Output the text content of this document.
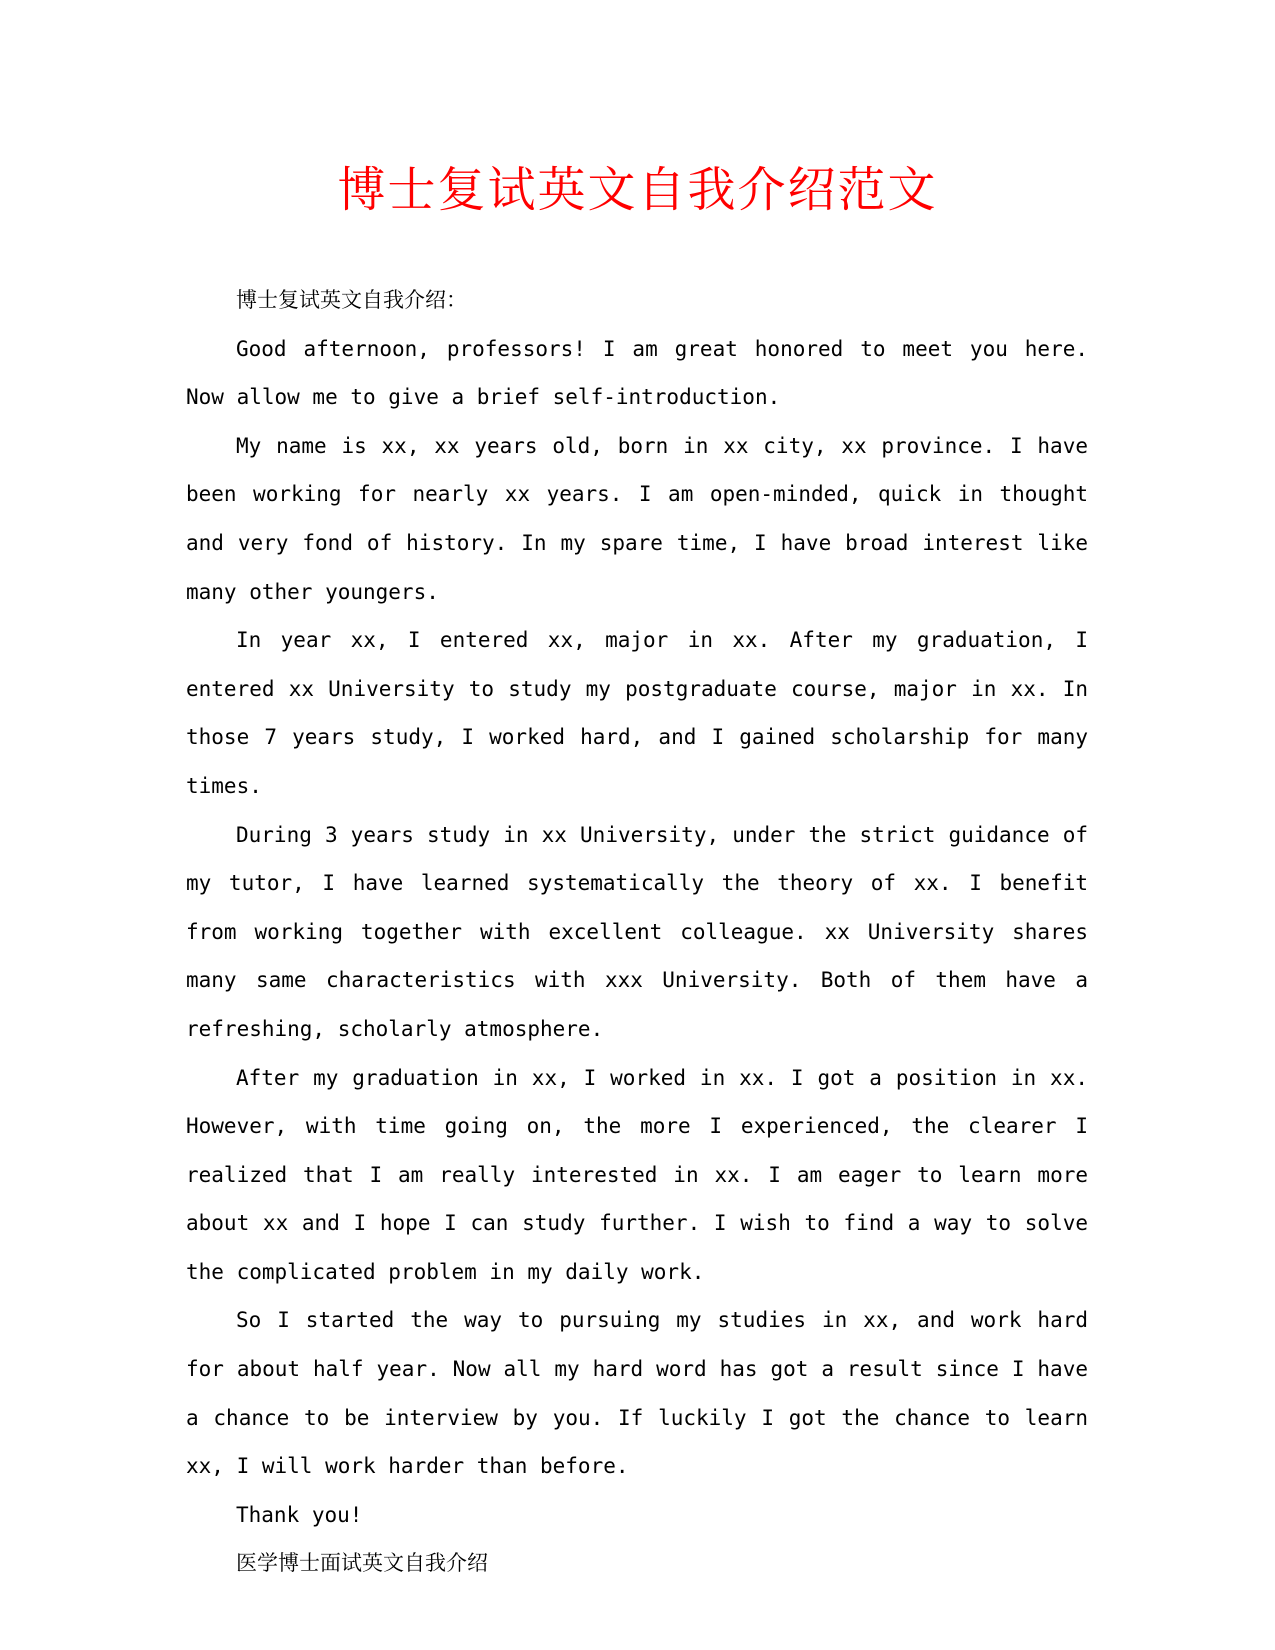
博士复试英文自我介绍范文

博士复试英文自我介绍：

Good afternoon, professors! I am great honored to meet you here. Now allow me to give a brief self-introduction.

My name is xx, xx years old, born in xx city, xx province. I have been working for nearly xx years. I am open-minded, quick in thought and very fond of history. In my spare time, I have broad interest like many other youngers.

In year xx, I entered xx, major in xx. After my graduation, I entered xx University to study my postgraduate course, major in xx. In those 7 years study, I worked hard, and I gained scholarship for many times.

During 3 years study in xx University, under the strict guidance of my tutor, I have learned systematically the theory of xx. I benefit from working together with excellent colleague. xx University shares many same characteristics with xxx University. Both of them have a refreshing, scholarly atmosphere.

After my graduation in xx, I worked in xx. I got a position in xx. However, with time going on, the more I experienced, the clearer I realized that I am really interested in xx. I am eager to learn more about xx and I hope I can study further. I wish to find a way to solve the complicated problem in my daily work.

So I started the way to pursuing my studies in xx, and work hard for about half year. Now all my hard word has got a result since I have a chance to be interview by you. If luckily I got the chance to learn xx, I will work harder than before.

Thank you!

医学博士面试英文自我介绍
